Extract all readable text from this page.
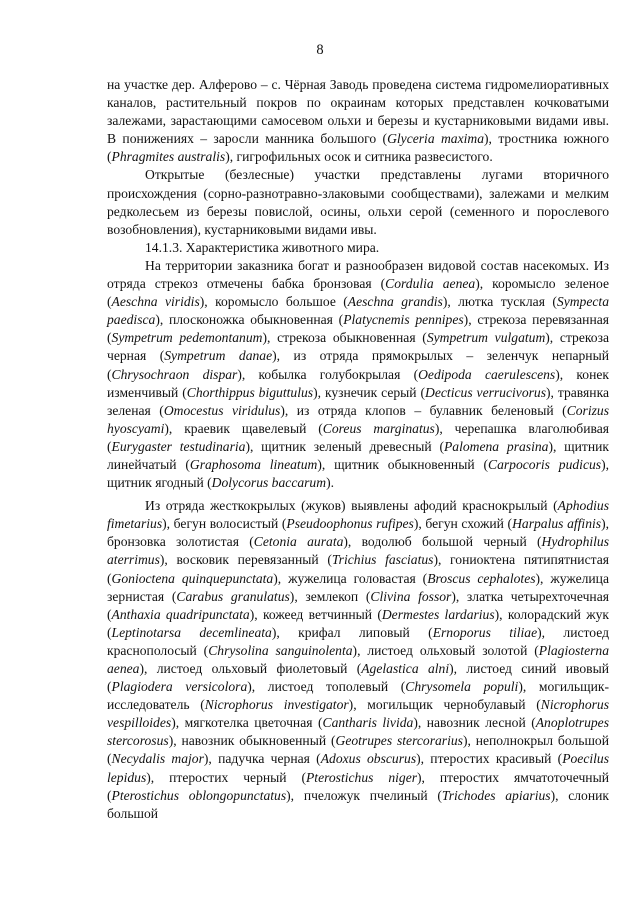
8

на участке дер. Алферово – с. Чёрная Заводь проведена система гидромелиоративных каналов, растительный покров по окраинам которых представлен кочковатыми залежами, зарастающими самосевом ольхи и березы и кустарниковыми видами ивы. В понижениях – заросли манника большого (Glyceria maxima), тростника южного (Phragmites australis), гигрофильных осок и ситника развесистого.

Открытые (безлесные) участки представлены лугами вторичного происхождения (сорно-разнотравно-злаковыми сообществами), залежами и мелким редколесьем из березы повислой, осины, ольхи серой (семенного и порослевого возобновления), кустарниковыми видами ивы.

14.1.3. Характеристика животного мира.

На территории заказника богат и разнообразен видовой состав насекомых. Из отряда стрекоз отмечены бабка бронзовая (Cordulia aenea), коромысло зеленое (Aeschna viridis), коромысло большое (Aeschna grandis), лютка тусклая (Sympecta paedisca), плосконожка обыкновенная (Platycnemis pennipes), стрекоза перевязанная (Sympetrum pedemontanum), стрекоза обыкновенная (Sympetrum vulgatum), стрекоза черная (Sympetrum danae), из отряда прямокрылых – зеленчук непарный (Chrysochraon dispar), кобылка голубокрылая (Oedipoda caerulescens), конек изменчивый (Chorthippus biguttulus), кузнечик серый (Decticus verrucivorus), травянка зеленая (Omocestus viridulus), из отряда клопов – булавник беленовый (Corizus hyoscyami), краевик щавелевый (Coreus marginatus), черепашка влаголюбивая (Eurygaster testudinaria), щитник зеленый древесный (Palomena prasina), щитник линейчатый (Graphosoma lineatum), щитник обыкновенный (Carpocoris pudicus), щитник ягодный (Dolycorus baccarum).

Из отряда жесткокрылых (жуков) выявлены афодий краснокрылый (Aphodius fimetarius), бегун волосистый (Pseudoophonus rufipes), бегун схожий (Harpalus affinis), бронзовка золотистая (Cetonia aurata), водолюб большой черный (Hydrophilus aterrimus), восковик перевязанный (Trichius fasciatus), гониоктена пятипятнистая (Gonioctena quinquepunctata), жужелица головастая (Broscus cephalotes), жужелица зернистая (Carabus granulatus), землекоп (Clivina fossor), златка четырехточечная (Anthaxia quadripunctata), кожеед ветчинный (Dermestes lardarius), колорадский жук (Leptinotarsa decemlineata), крифал липовый (Ernoporus tiliae), листоед краснополосый (Chrysolina sanguinolenta), листоед ольховый золотой (Plagiosterna aenea), листоед ольховый фиолетовый (Agelastica alni), листоед синий ивовый (Plagiodera versicolora), листоед тополевый (Chrysomela populi), могильщик-исследователь (Nicrophorus investigator), могильщик чернобулавый (Nicrophorus vespilloides), мягкотелка цветочная (Cantharis livida), навозник лесной (Anoplotrupes stercorosus), навозник обыкновенный (Geotrupes stercorarius), неполнокрыл большой (Necydalis major), падучка черная (Adoxus obscurus), птеростих красивый (Poecilus lepidus), птеростих черный (Pterostichus niger), птеростих ямчатоточечный (Pterostichus oblongopunctatus), пчеложук пчелиный (Trichodes apiarius), слоник большой
